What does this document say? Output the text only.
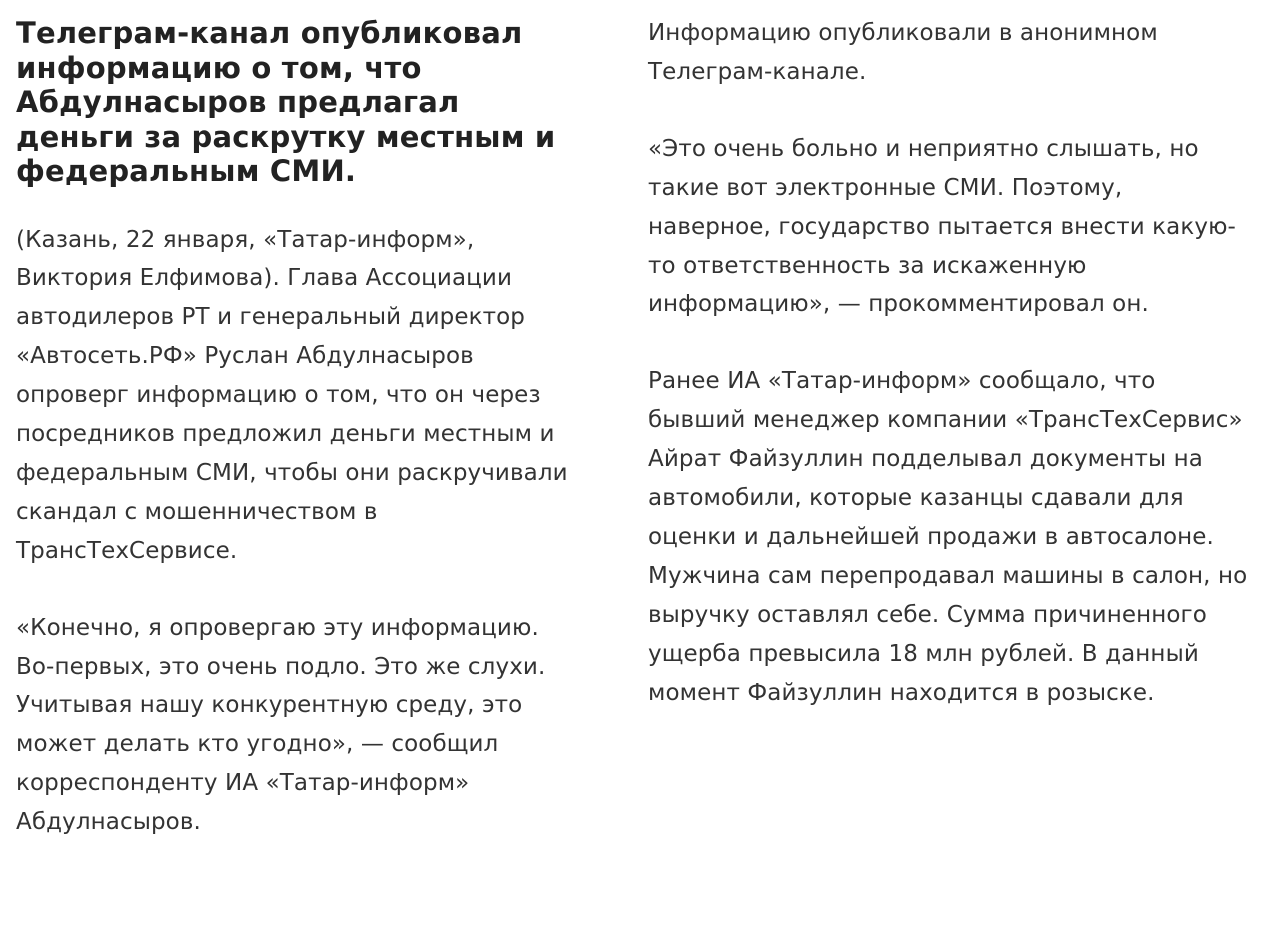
Телеграм-канал опубликовал информацию о том, что Абдулнасыров предлагал деньги за раскрутку местным и федеральным СМИ.

(Казань, 22 января, «Татар-информ», Виктория Елфимова). Глава Ассоциации автодилеров РТ и генеральный директор «Автосеть.РФ» Руслан Абдулнасыров опроверг информацию о том, что он через посредников предложил деньги местным и федеральным СМИ, чтобы они раскручивали скандал с мошенничеством в ТрансТехСервисе.

«Конечно, я опровергаю эту информацию. Во-первых, это очень подло. Это же слухи. Учитывая нашу конкурентную среду, это может делать кто угодно», — сообщил корреспонденту ИА «Татар-информ» Абдулнасыров.

Информацию опубликовали в анонимном Телеграм-канале.

«Это очень больно и неприятно слышать, но такие вот электронные СМИ. Поэтому, наверное, государство пытается внести какую-то ответственность за искаженную информацию», — прокомментировал он.

Ранее ИА «Татар-информ» сообщало, что бывший менеджер компании «ТрансТехСервис» Айрат Файзуллин подделывал документы на автомобили, которые казанцы сдавали для оценки и дальнейшей продажи в автосалоне. Мужчина сам перепродавал машины в салон, но выручку оставлял себе. Сумма причиненного ущерба превысила 18 млн рублей. В данный момент Файзуллин находится в розыске.
